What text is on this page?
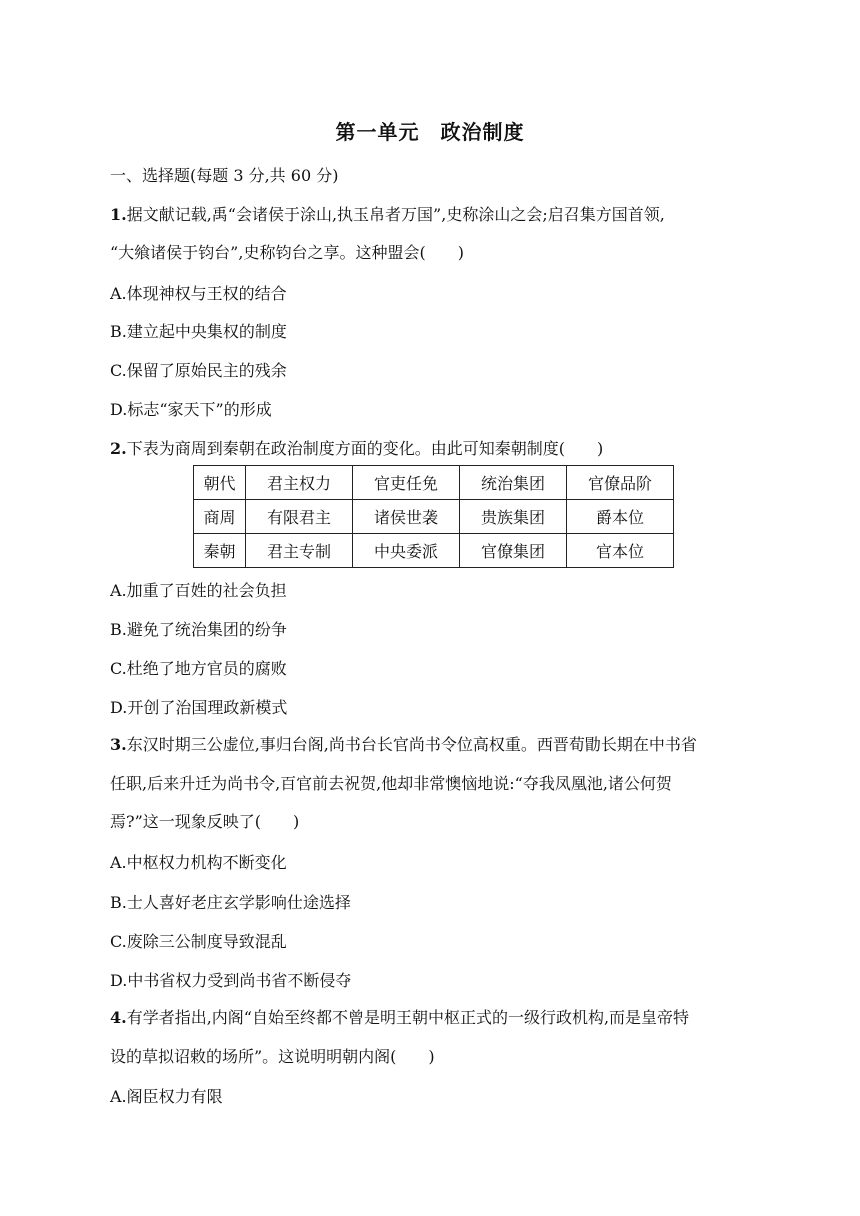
第一单元　政治制度
一、选择题(每题 3 分,共 60 分)
1.据文献记载,禹“会诸侯于涂山,执玉帛者万国”,史称涂山之会;启召集方国首领,
“大飨诸侯于钧台”,史称钧台之享。这种盟会(　　)
A.体现神权与王权的结合
B.建立起中央集权的制度
C.保留了原始民主的残余
D.标志“家天下”的形成
2.下表为商周到秦朝在政治制度方面的变化。由此可知秦朝制度(　　)
朝代	君主权力	官吏任免	统治集团	官僚品阶
商周	有限君主	诸侯世袭	贵族集团	爵本位
秦朝	君主专制	中央委派	官僚集团	官本位
A.加重了百姓的社会负担
B.避免了统治集团的纷争
C.杜绝了地方官员的腐败
D.开创了治国理政新模式
3.东汉时期三公虚位,事归台阁,尚书台长官尚书令位高权重。西晋荀勖长期在中书省
任职,后来升迁为尚书令,百官前去祝贺,他却非常懊恼地说:“夺我凤凰池,诸公何贺
焉?”这一现象反映了(　　)
A.中枢权力机构不断变化
B.士人喜好老庄玄学影响仕途选择
C.废除三公制度导致混乱
D.中书省权力受到尚书省不断侵夺
4.有学者指出,内阁“自始至终都不曾是明王朝中枢正式的一级行政机构,而是皇帝特
设的草拟诏敕的场所”。这说明明朝内阁(　　)
A.阁臣权力有限
